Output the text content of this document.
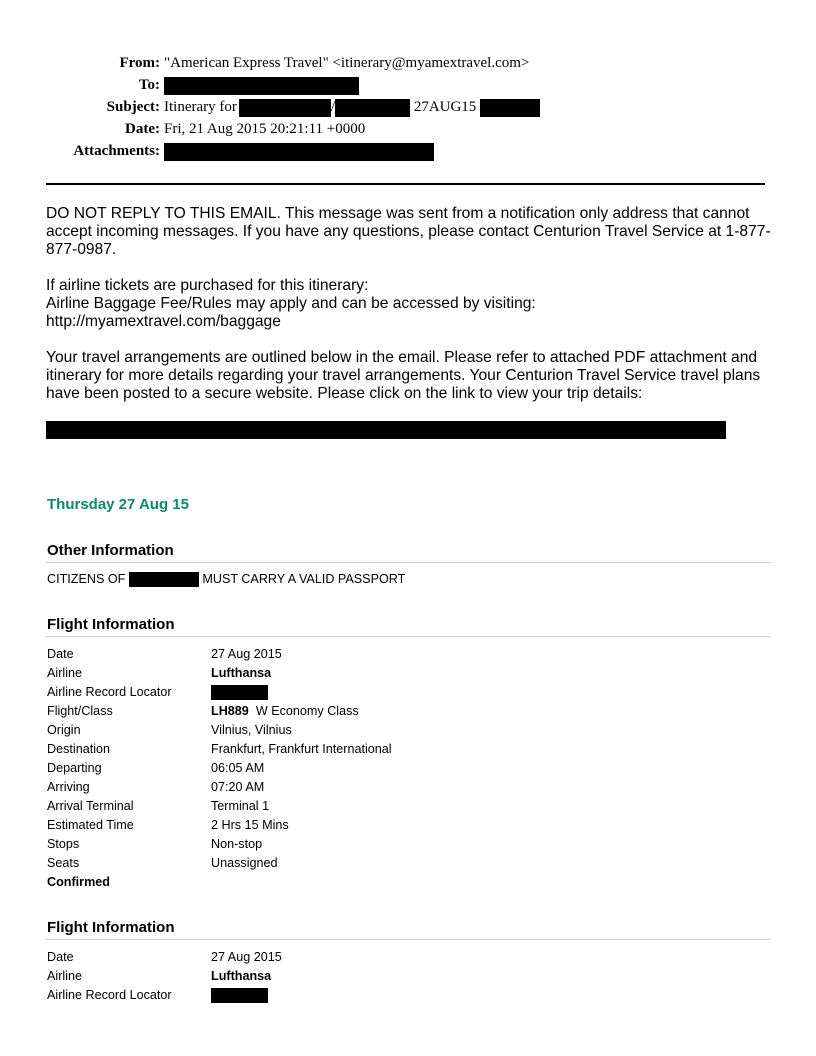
From: "American Express Travel" <itinerary@myamextravel.com>
To:
Subject: Itinerary for	/	27AUG15
Date: Fri, 21 Aug 2015 20:21:11 +0000
Attachments:
DO NOT REPLY TO THIS EMAIL. This message was sent from a notification only address that cannot accept incoming messages. If you have any questions, please contact Centurion Travel Service at 1-877-877-0987.
If airline tickets are purchased for this itinerary:
Airline Baggage Fee/Rules may apply and can be accessed by visiting:
http://myamextravel.com/baggage
Your travel arrangements are outlined below in the email. Please refer to attached PDF attachment and itinerary for more details regarding your travel arrangements. Your Centurion Travel Service travel plans have been posted to a secure website. Please click on the link to view your trip details:
Thursday 27 Aug 15
Other Information
CITIZENS OF	MUST CARRY A VALID PASSPORT
Flight Information
Date	27 Aug 2015
Airline	Lufthansa
Airline Record Locator
Flight/Class	LH889 W Economy Class
Origin	Vilnius, Vilnius
Destination	Frankfurt, Frankfurt International
Departing	06:05 AM
Arriving	07:20 AM
Arrival Terminal	Terminal 1
Estimated Time	2 Hrs 15 Mins
Stops	Non-stop
Seats	Unassigned
Confirmed
Flight Information
Date	27 Aug 2015
Airline	Lufthansa
Airline Record Locator
